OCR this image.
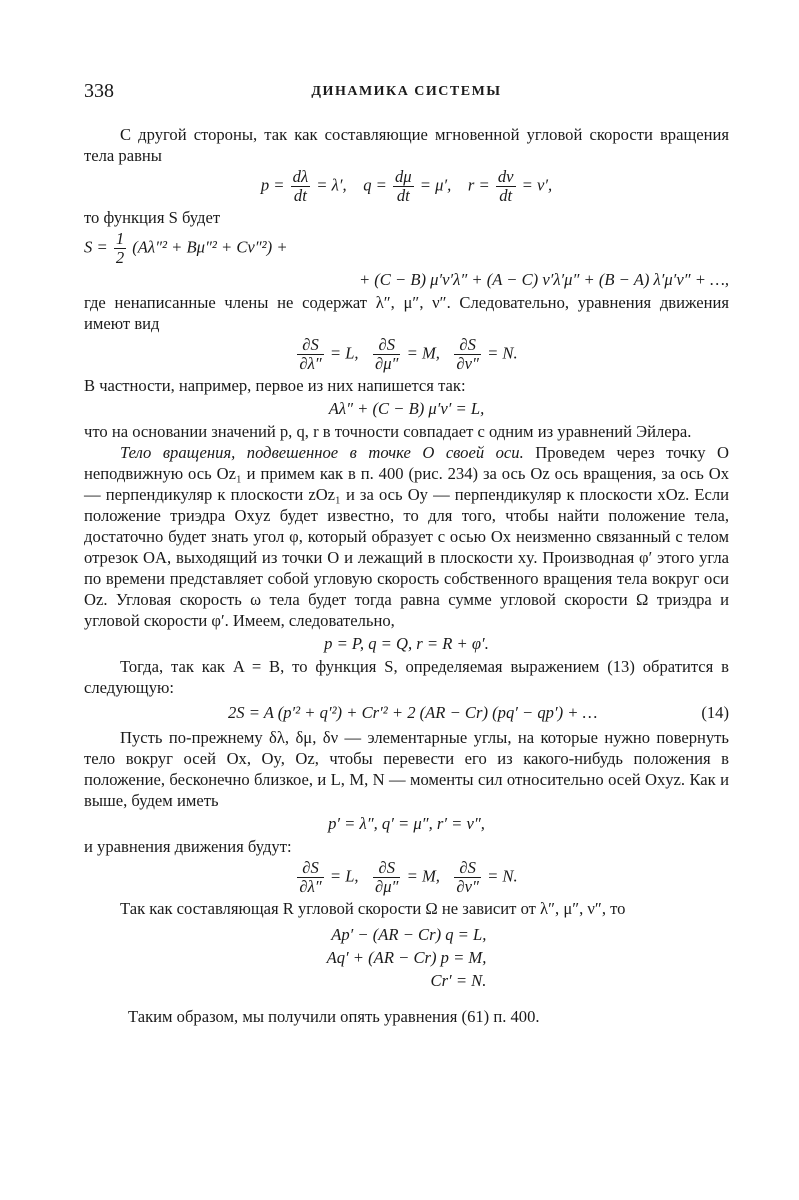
338	ДИНАМИКА СИСТЕМЫ

С другой стороны, так как составляющие мгновенной угловой скорости вращения тела равны

$p = \frac{d\lambda}{dt} = \lambda'$, $q = \frac{d\mu}{dt} = \mu'$, $r = \frac{d\nu}{dt} = \nu'$,

то функция S будет

$S = \frac{1}{2} (A\lambda''^2 + B\mu''^2 + C\nu''^2)$ +
+ (C − B) μ′ν′λ″ + (A − C) ν′λ′μ″ + (B − A) λ′μ′ν″ + …,

где ненаписанные члены не содержат λ″, μ″, ν″. Следовательно, уравнения движения имеют вид

$\frac{\partial S}{\partial\lambda''} = L$, $\frac{\partial S}{\partial\mu''} = M$, $\frac{\partial S}{\partial\nu''} = N$.

В частности, например, первое из них напишется так:

Aλ″ + (C − B) μ′ν′ = L,

что на основании значений p, q, r в точности совпадает с одним из уравнений Эйлера.

Тело вращения, подвешенное в точке O своей оси. Проведем через точку O неподвижную ось Oz₁ и примем как в п. 400 (рис. 234) за ось Oz ось вращения, за ось Ox — перпендикуляр к плоскости zOz₁ и за ось Oy — перпендикуляр к плоскости xOz. Если положение триэдра Oxyz будет известно, то для того, чтобы найти положение тела, достаточно будет знать угол φ, который образует с осью Ox неизменно связанный с телом отрезок OA, выходящий из точки O и лежащий в плоскости xy. Производная φ′ этого угла по времени представляет собой угловую скорость собственного вращения тела вокруг оси Oz. Угловая скорость ω тела будет тогда равна сумме угловой скорости Ω триэдра и угловой скорости φ′. Имеем, следовательно,

p = P, q = Q, r = R + φ′.

Тогда, так как A = B, то функция S, определяемая выражением (13) обратится в следующую:

2S = A (p′² + q′²) + Cr′² + 2 (AR − Cr) (pq′ − qp′) + …	(14)

Пусть по-прежнему δλ, δμ, δν — элементарные углы, на которые нужно повернуть тело вокруг осей Ox, Oy, Oz, чтобы перевести его из какого-нибудь положения в положение, бесконечно близкое, и L, M, N — моменты сил относительно осей Oxyz. Как и выше, будем иметь

p′ = λ″, q′ = μ″, r′ = ν″,

и уравнения движения будут:

$\frac{\partial S}{\partial\lambda''} = L$, $\frac{\partial S}{\partial\mu''} = M$, $\frac{\partial S}{\partial\nu''} = N$.

Так как составляющая R угловой скорости Ω не зависит от λ″, μ″, ν″, то

Ap′ − (AR − Cr) q = L,
Aq′ + (AR − Cr) p = M,
Cr′ = N.

Таким образом, мы получили опять уравнения (61) п. 400.
